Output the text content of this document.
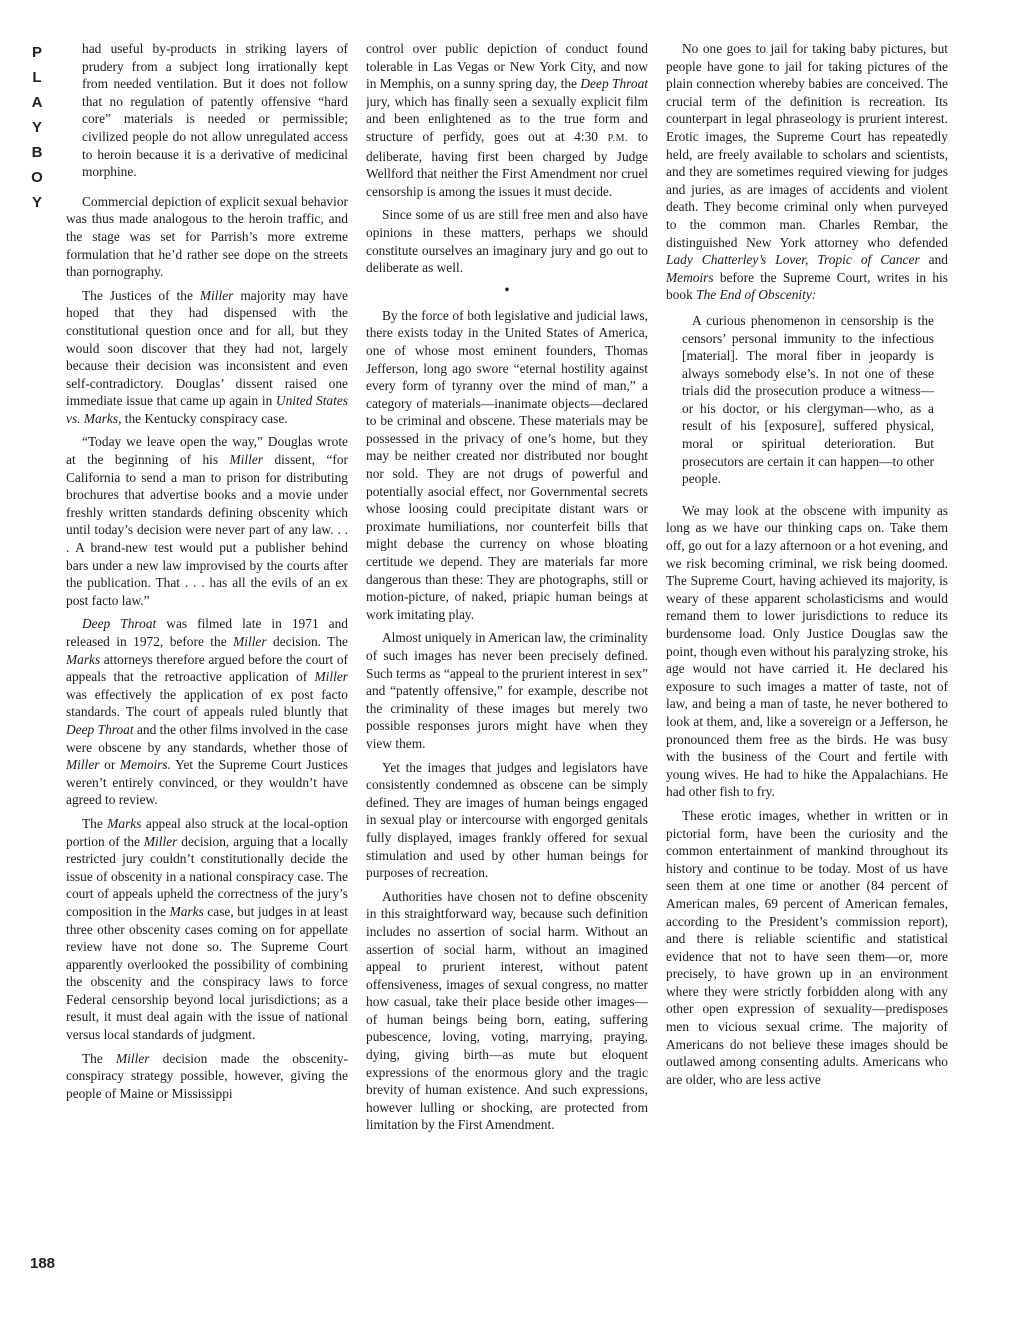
P
L
A
Y
B
O
Y
188

had useful by-products in striking layers of prudery from a subject long irrationally kept from needed ventilation. But it does not follow that no regulation of patently offensive “hard core” materials is needed or permissible; civilized people do not allow unregulated access to heroin because it is a derivative of medicinal morphine.

Commercial depiction of explicit sexual behavior was thus made analogous to the heroin traffic, and the stage was set for Parrish’s more extreme formulation that he’d rather see dope on the streets than pornography.

The Justices of the Miller majority may have hoped that they had dispensed with the constitutional question once and for all, but they would soon discover that they had not, largely because their decision was inconsistent and even self-contradictory. Douglas’ dissent raised one immediate issue that came up again in United States vs. Marks, the Kentucky conspiracy case.

“Today we leave open the way,” Douglas wrote at the beginning of his Miller dissent, “for California to send a man to prison for distributing brochures that advertise books and a movie under freshly written standards defining obscenity which until today’s decision were never part of any law. . . . A brand-new test would put a publisher behind bars under a new law improvised by the courts after the publication. That . . . has all the evils of an ex post facto law.”

Deep Throat was filmed late in 1971 and released in 1972, before the Miller decision. The Marks attorneys therefore argued before the court of appeals that the retroactive application of Miller was effectively the application of ex post facto standards. The court of appeals ruled bluntly that Deep Throat and the other films involved in the case were obscene by any standards, whether those of Miller or Memoirs. Yet the Supreme Court Justices weren’t entirely convinced, or they wouldn’t have agreed to review.

The Marks appeal also struck at the local-option portion of the Miller decision, arguing that a locally restricted jury couldn’t constitutionally decide the issue of obscenity in a national conspiracy case. The court of appeals upheld the correctness of the jury’s composition in the Marks case, but judges in at least three other obscenity cases coming on for appellate review have not done so. The Supreme Court apparently overlooked the possibility of combining the obscenity and the conspiracy laws to force Federal censorship beyond local jurisdictions; as a result, it must deal again with the issue of national versus local standards of judgment.

The Miller decision made the obscenity-conspiracy strategy possible, however, giving the people of Maine or Mississippi

control over public depiction of conduct found tolerable in Las Vegas or New York City, and now in Memphis, on a sunny spring day, the Deep Throat jury, which has finally seen a sexually explicit film and been enlightened as to the true form and structure of perfidy, goes out at 4:30 P.M. to deliberate, having first been charged by Judge Wellford that neither the First Amendment nor cruel censorship is among the issues it must decide.

Since some of us are still free men and also have opinions in these matters, perhaps we should constitute ourselves an imaginary jury and go out to deliberate as well.

•

By the force of both legislative and judicial laws, there exists today in the United States of America, one of whose most eminent founders, Thomas Jefferson, long ago swore “eternal hostility against every form of tyranny over the mind of man,” a category of materials—inanimate objects—declared to be criminal and obscene. These materials may be possessed in the privacy of one’s home, but they may be neither created nor distributed nor bought nor sold. They are not drugs of powerful and potentially asocial effect, nor Governmental secrets whose loosing could precipitate distant wars or proximate humiliations, nor counterfeit bills that might debase the currency on whose bloating certitude we depend. They are materials far more dangerous than these: They are photographs, still or motion-picture, of naked, priapic human beings at work imitating play.

Almost uniquely in American law, the criminality of such images has never been precisely defined. Such terms as “appeal to the prurient interest in sex” and “patently offensive,” for example, describe not the criminality of these images but merely two possible responses jurors might have when they view them.

Yet the images that judges and legislators have consistently condemned as obscene can be simply defined. They are images of human beings engaged in sexual play or intercourse with engorged genitals fully displayed, images frankly offered for sexual stimulation and used by other human beings for purposes of recreation.

Authorities have chosen not to define obscenity in this straightforward way, because such definition includes no assertion of social harm. Without an assertion of social harm, without an imagined appeal to prurient interest, without patent offensiveness, images of sexual congress, no matter how casual, take their place beside other images—of human beings being born, eating, suffering pubescence, loving, voting, marrying, praying, dying, giving birth—as mute but eloquent expressions of the enormous glory and the tragic brevity of human existence. And such expressions, however lulling or shocking, are protected from limitation by the First Amendment.

No one goes to jail for taking baby pictures, but people have gone to jail for taking pictures of the plain connection whereby babies are conceived. The crucial term of the definition is recreation. Its counterpart in legal phraseology is prurient interest. Erotic images, the Supreme Court has repeatedly held, are freely available to scholars and scientists, and they are sometimes required viewing for judges and juries, as are images of accidents and violent death. They become criminal only when purveyed to the common man. Charles Rembar, the distinguished New York attorney who defended Lady Chatterley’s Lover, Tropic of Cancer and Memoirs before the Supreme Court, writes in his book The End of Obscenity:

A curious phenomenon in censorship is the censors’ personal immunity to the infectious [material]. The moral fiber in jeopardy is always somebody else’s. In not one of these trials did the prosecution produce a witness—or his doctor, or his clergyman—who, as a result of his [exposure], suffered physical, moral or spiritual deterioration. But prosecutors are certain it can happen—to other people.

We may look at the obscene with impunity as long as we have our thinking caps on. Take them off, go out for a lazy afternoon or a hot evening, and we risk becoming criminal, we risk being doomed. The Supreme Court, having achieved its majority, is weary of these apparent scholasticisms and would remand them to lower jurisdictions to reduce its burdensome load. Only Justice Douglas saw the point, though even without his paralyzing stroke, his age would not have carried it. He declared his exposure to such images a matter of taste, not of law, and being a man of taste, he never bothered to look at them, and, like a sovereign or a Jefferson, he pronounced them free as the birds. He was busy with the business of the Court and fertile with young wives. He had to hike the Appalachians. He had other fish to fry.

These erotic images, whether in written or in pictorial form, have been the curiosity and the common entertainment of mankind throughout its history and continue to be today. Most of us have seen them at one time or another (84 percent of American males, 69 percent of American females, according to the President’s commission report), and there is reliable scientific and statistical evidence that not to have seen them—or, more precisely, to have grown up in an environment where they were strictly forbidden along with any other open expression of sexuality—predisposes men to vicious sexual crime. The majority of Americans do not believe these images should be outlawed among consenting adults. Americans who are older, who are less active
